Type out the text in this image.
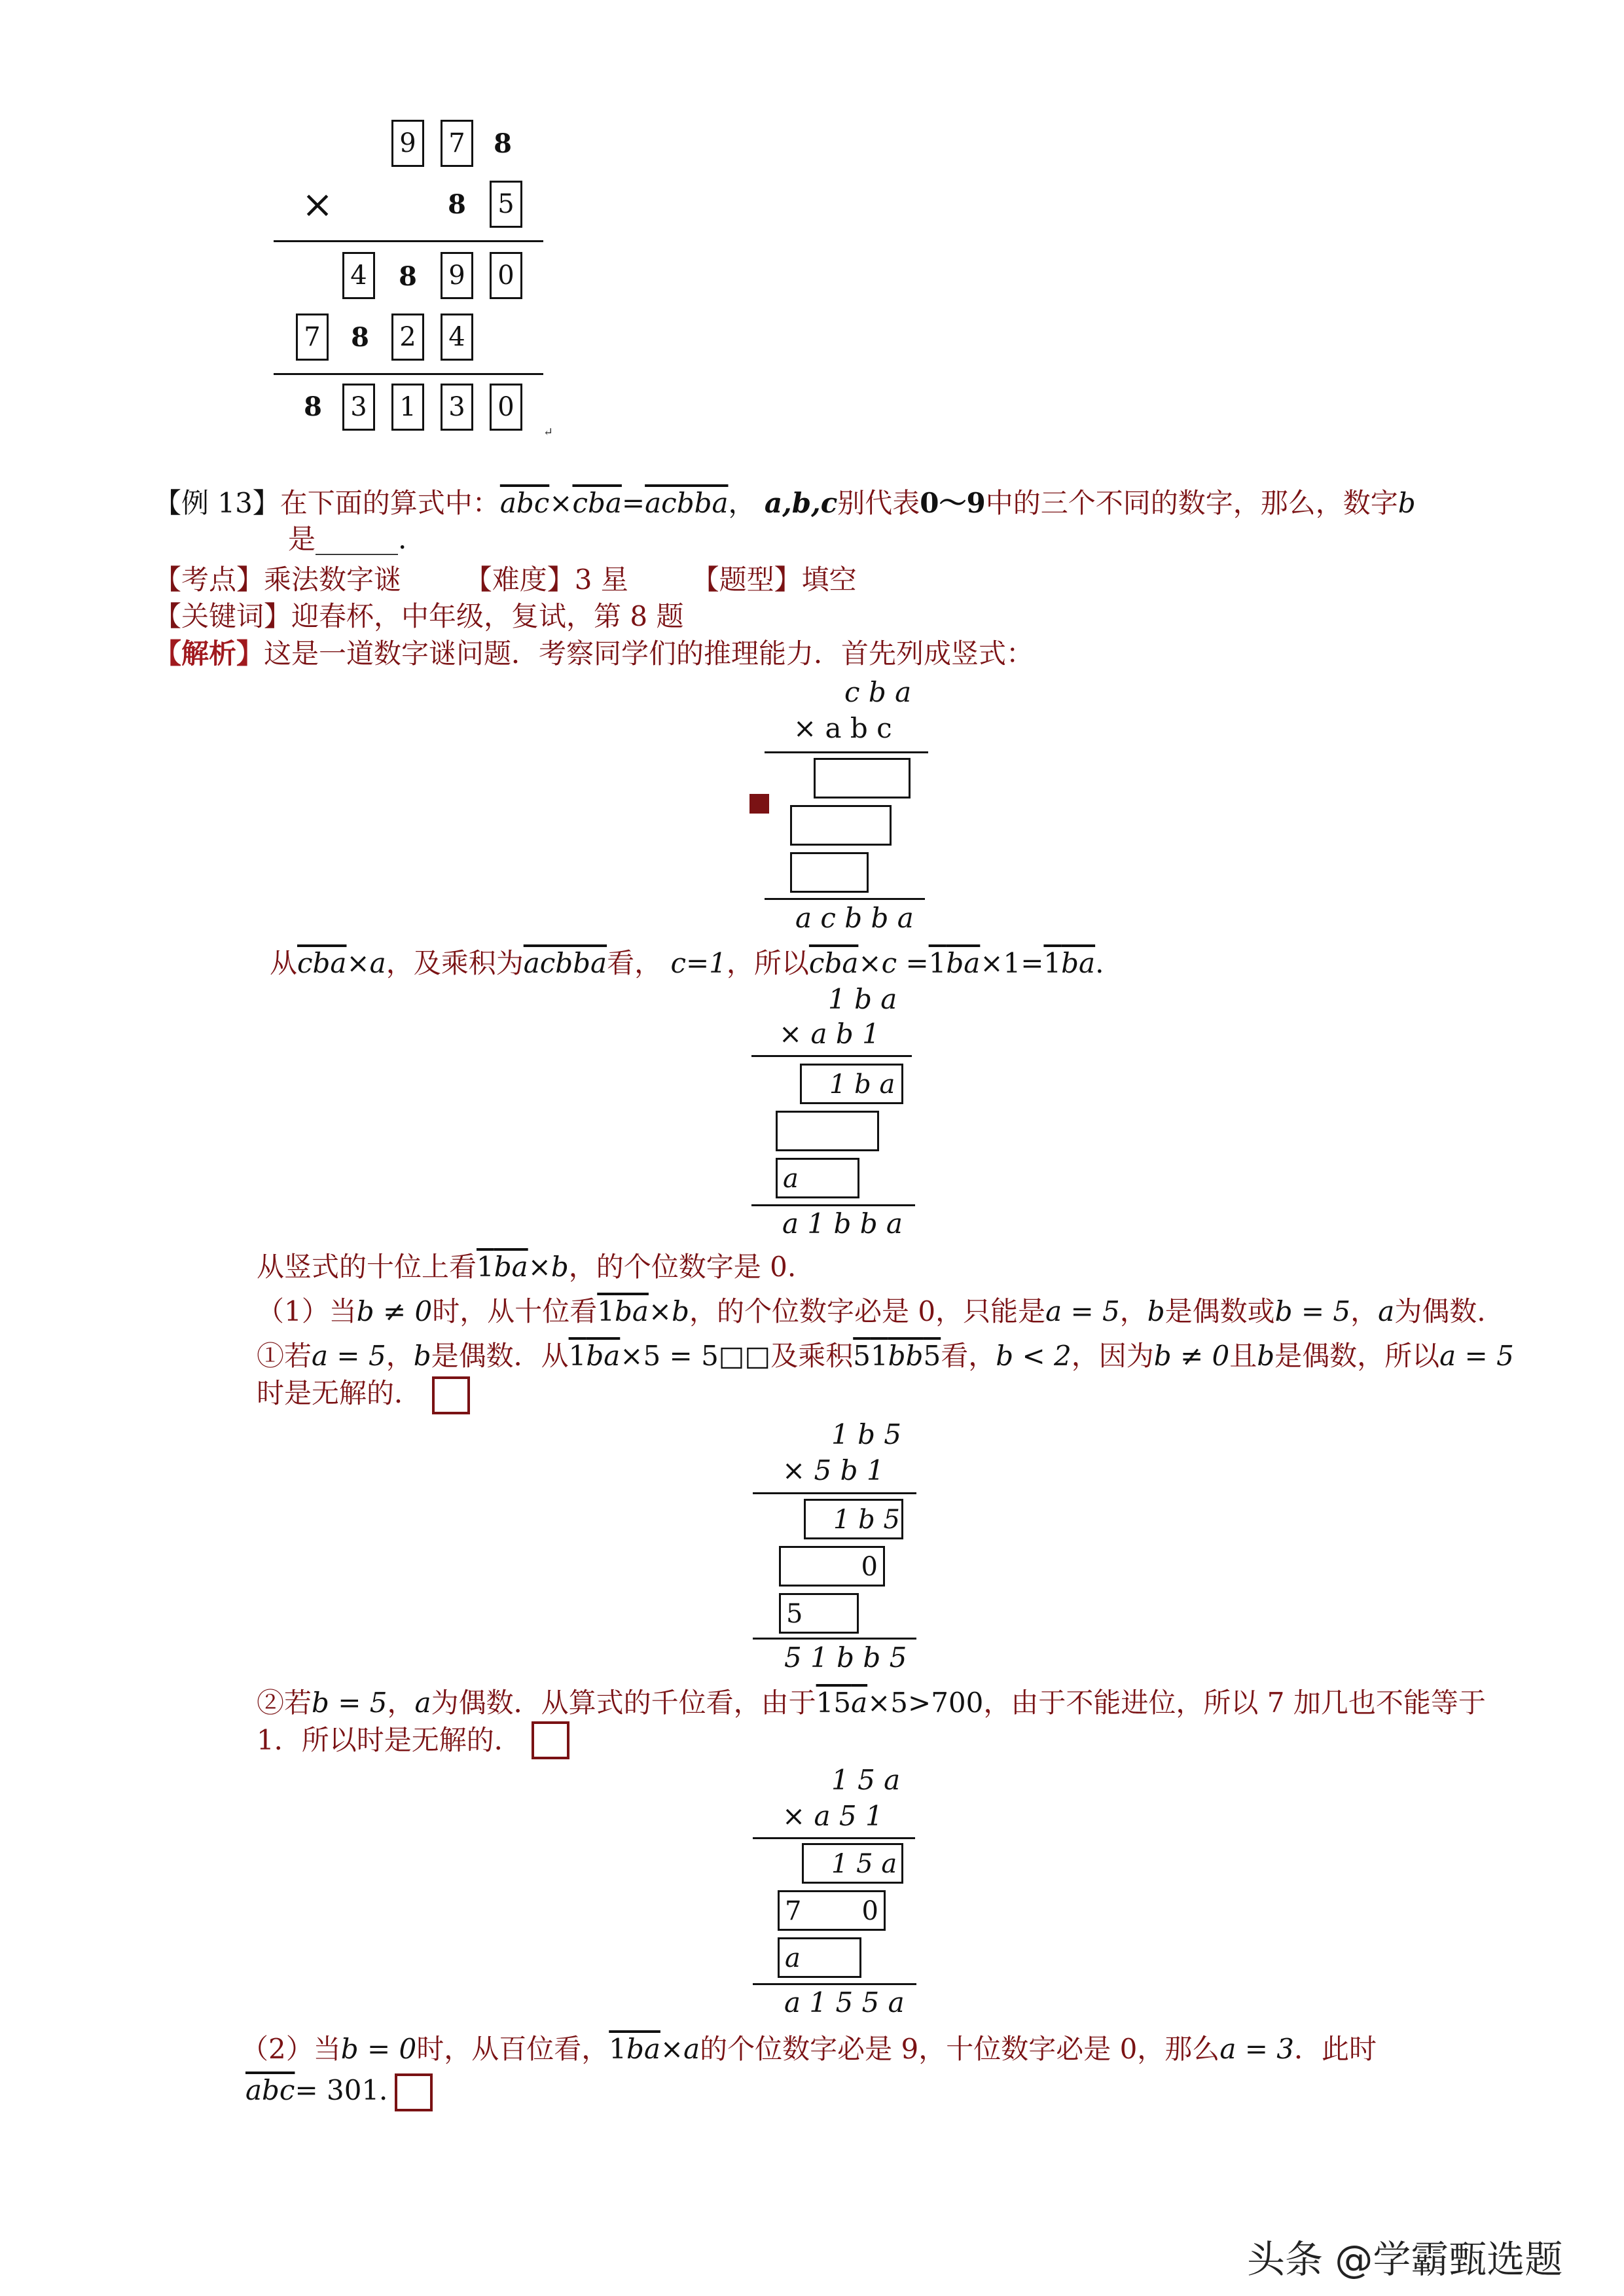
9 7 8
×	8 5
4 8 9 0
7 8 2 4
8 3 1 3 0
↵
【例 13】在下面的算式中：$\overline{abc}\times\overline{cba}=acbba$， a,b,c别代表0～9中的三个不同的数字，那么，数字b
是______.
【考点】乘法数字谜 【难度】3 星 【题型】填空
【关键词】迎春杯，中年级，复试，第 8 题
【解析】这是一道数字谜问题．考察同学们的推理能力．首先列成竖式：
c b a
× a b c
a c b b a
从$\overline{cba}\times a$，及乘积为acbba看， c=1，所以$\overline{cba}\times c =1\overline{ba}\times 1=1\overline{ba}$.
1 b a
× a b 1
1 b a
a
a 1 b b a
从竖式的十位上看$1\overline{ba}\times b$，的个位数字是 0.
（1）当b ≠ 0时，从十位看$1\overline{ba}\times b$，的个位数字必是 0，只能是a = 5，b是偶数或b = 5，a为偶数.
①若a = 5，b是偶数．从$1\overline{ba}\times 5$ = 5□□及乘积$51\overline{bb}5$看，b < 2，因为b ≠ 0且b是偶数，所以a = 5
时是无解的．
1 b 5
× 5 b 1
1 b 5
0
5
5 1 b b 5
②若b = 5，a为偶数．从算式的千位看，由于$15\overline{a}\times 5>700$，由于不能进位，所以 7 加几也不能等于
1．所以时是无解的．
1 5 a
× a 5 1
1 5 a
7 0
a
a 1 5 5 a
（2）当b = 0时，从百位看，$1\overline{ba}\times a$的个位数字必是 9，十位数字必是 0，那么a = 3．此时
$\overline{abc}= 301$．
头条 @学霸甄选题
